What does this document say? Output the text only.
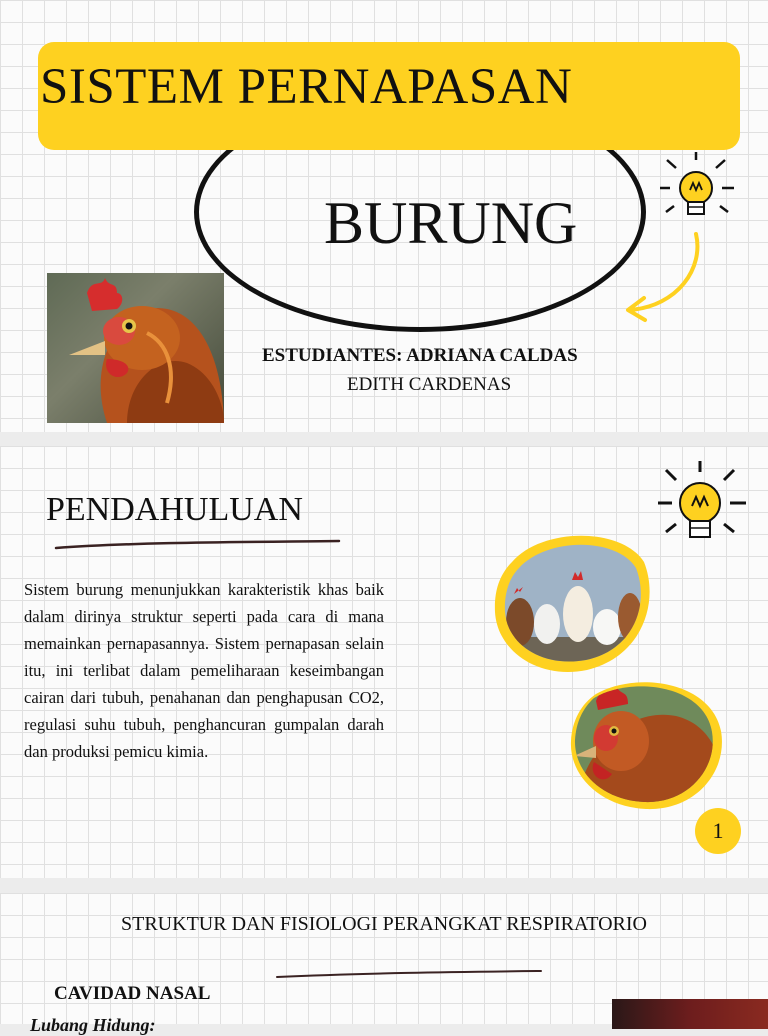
SISTEM PERNAPASAN
BURUNG
ESTUDIANTES: ADRIANA CALDAS
EDITH CARDENAS
PENDAHULUAN

Sistem burung menunjukkan karakteristik khas baik dalam dirinya struktur seperti pada cara di mana memainkan pernapasannya. Sistem pernapasan selain itu, ini terlibat dalam pemeliharaan keseimbangan cairan dari tubuh, penahanan dan penghapusan CO2, regulasi suhu tubuh, penghancuran gumpalan darah dan produksi pemicu kimia.

1

STRUKTUR DAN FISIOLOGI PERANGKAT RESPIRATORIO

CAVIDAD NASAL

Lubang Hidung:
